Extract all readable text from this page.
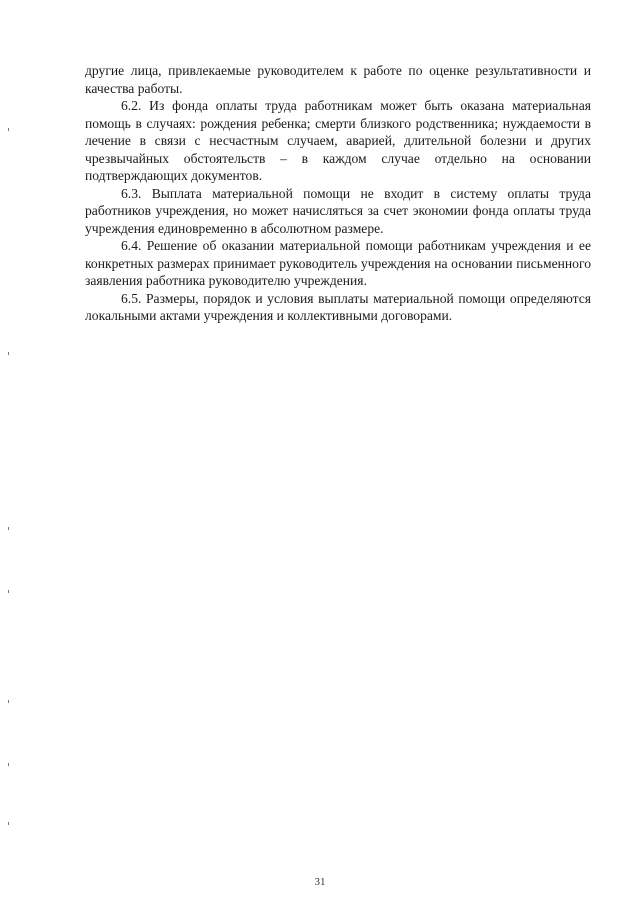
другие лица, привлекаемые руководителем к работе по оценке результативности и качества работы.

6.2. Из фонда оплаты труда работникам может быть оказана материальная помощь в случаях: рождения ребенка; смерти близкого родственника; нуждаемости в лечение в связи с несчастным случаем, аварией, длительной болезни и других чрезвычайных обстоятельств – в каждом случае отдельно на основании подтверждающих документов.

6.3. Выплата материальной помощи не входит в систему оплаты труда работников учреждения, но может начисляться за счет экономии фонда оплаты труда учреждения единовременно в абсолютном размере.

6.4. Решение об оказании материальной помощи работникам учреждения и ее конкретных размерах принимает руководитель учреждения на основании письменного заявления работника руководителю учреждения.

6.5. Размеры, порядок и условия выплаты материальной помощи определяются локальными актами учреждения и коллективными договорами.

31
